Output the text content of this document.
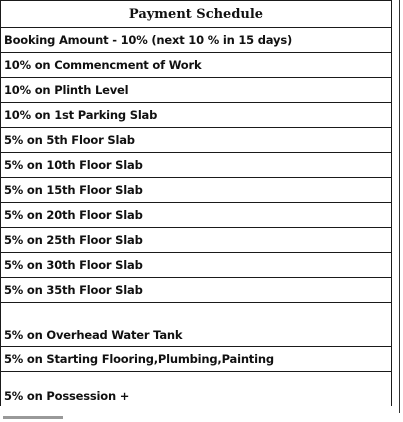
Payment Schedule
Booking Amount - 10% (next 10 % in 15 days)
10% on Commencment of Work
10% on Plinth Level
10% on 1st Parking Slab
5% on 5th Floor Slab
5% on 10th Floor Slab
5% on 15th Floor Slab
5% on 20th Floor Slab
5% on 25th Floor Slab
5% on 30th Floor Slab
5% on 35th Floor Slab
5% on Overhead Water Tank
5% on Starting Flooring,Plumbing,Painting
5% on Possession +
